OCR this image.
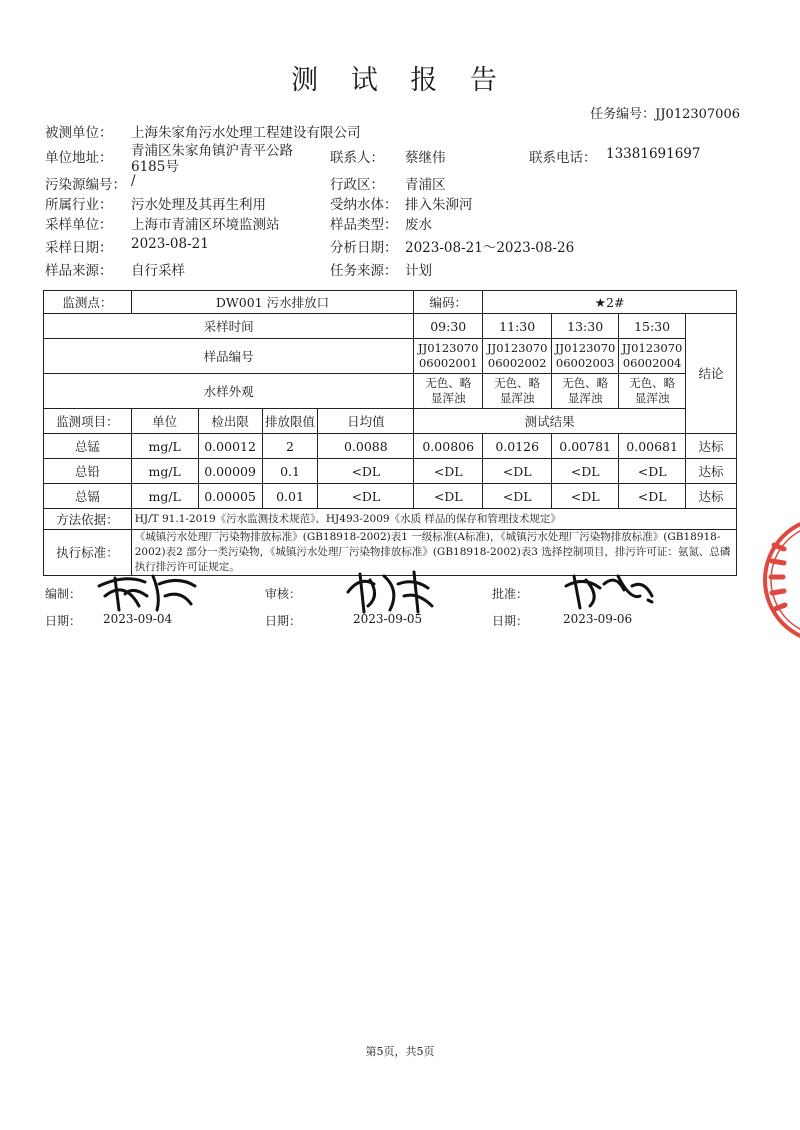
测 试 报 告
任务编号：JJ012307006
被测单位： 上海朱家角污水处理工程建设有限公司
单位地址： 青浦区朱家角镇沪青平公路
6185号
联系人： 蔡继伟	联系电话： 13381691697
污染源编号： /	行政区： 青浦区
所属行业： 污水处理及其再生利用	受纳水体： 排入朱泖河
采样单位： 上海市青浦区环境监测站	样品类型： 废水
采样日期： 2023-08-21	分析日期： 2023-08-21～2023-08-26
样品来源： 自行采样	任务来源： 计划
监测点：	DW001 污水排放口				编码：	★2#			
采样时间					09:30	11:30	13:30	15:30	结论
样品编号					JJ0123070
06002001	JJ0123070
06002002	JJ0123070
06002003	JJ0123070
06002004	
水样外观					无色、略
显浑浊	无色、略
显浑浊	无色、略
显浑浊	无色、略
显浑浊	
监测项目：	单位	检出限	排放限值	日均值	测试结果				
总锰	mg/L	0.00012	2	0.0088	0.00806	0.0126	0.00781	0.00681	达标
总铅	mg/L	0.00009	0.1	<DL	<DL	<DL	<DL	<DL	达标
总镉	mg/L	0.00005	0.01	<DL	<DL	<DL	<DL	<DL	达标
方法依据：	HJ/T 91.1-2019《污水监测技术规范》、HJ493-2009《水质 样品的保存和管理技术规定》								
执行标准：	《城镇污水处理厂污染物排放标准》(GB18918-2002)表1 一级标准(A标准)，《城镇污水处理厂污染物排放标准》(GB18918-2002)表2 部分一类污染物，《城镇污水处理厂污染物排放标准》(GB18918-2002)表3 选择控制项目，排污许可证：氨氮、总磷执行排污许可证规定。								
编制：	审核：	批准：
日期： 2023-09-04	日期：	2023-09-05	日期：	2023-09-06
第5页，共5页
